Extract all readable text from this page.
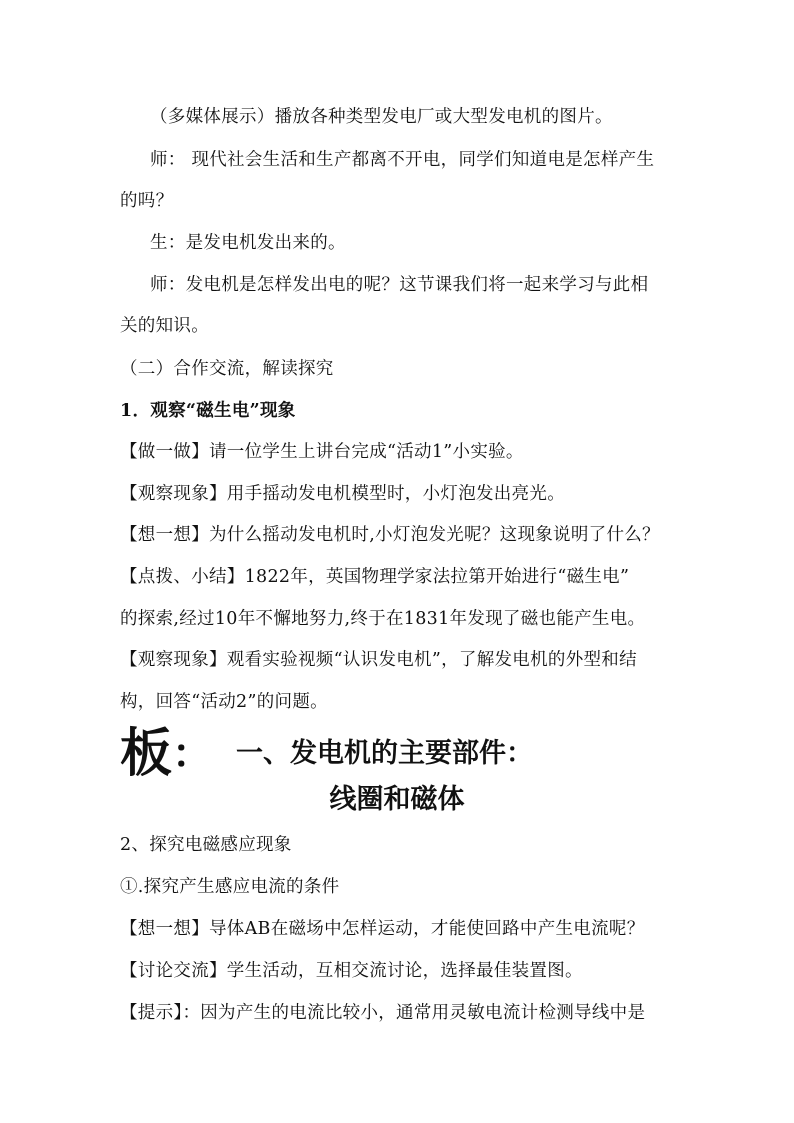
（多媒体展示）播放各种类型发电厂或大型发电机的图片。
师： 现代社会生活和生产都离不开电，同学们知道电是怎样产生
的吗？
生：是发电机发出来的。
师：发电机是怎样发出电的呢？这节课我们将一起来学习与此相
关的知识。
（二）合作交流，解读探究
1．观察“磁生电”现象
【做一做】请一位学生上讲台完成“活动1”小实验。
【观察现象】用手摇动发电机模型时，小灯泡发出亮光。
【想一想】为什么摇动发电机时,小灯泡发光呢？这现象说明了什么？
【点拨、小结】1822年，英国物理学家法拉第开始进行“磁生电”
的探索,经过10年不懈地努力,终于在1831年发现了磁也能产生电。
【观察现象】观看实验视频“认识发电机”，了解发电机的外型和结
构，回答“活动2”的问题。
板： 一、发电机的主要部件：
线圈和磁体
2、探究电磁感应现象
①.探究产生感应电流的条件
【想一想】导体AB在磁场中怎样运动，才能使回路中产生电流呢？
【讨论交流】学生活动，互相交流讨论，选择最佳装置图。
【提示】：因为产生的电流比较小，通常用灵敏电流计检测导线中是
